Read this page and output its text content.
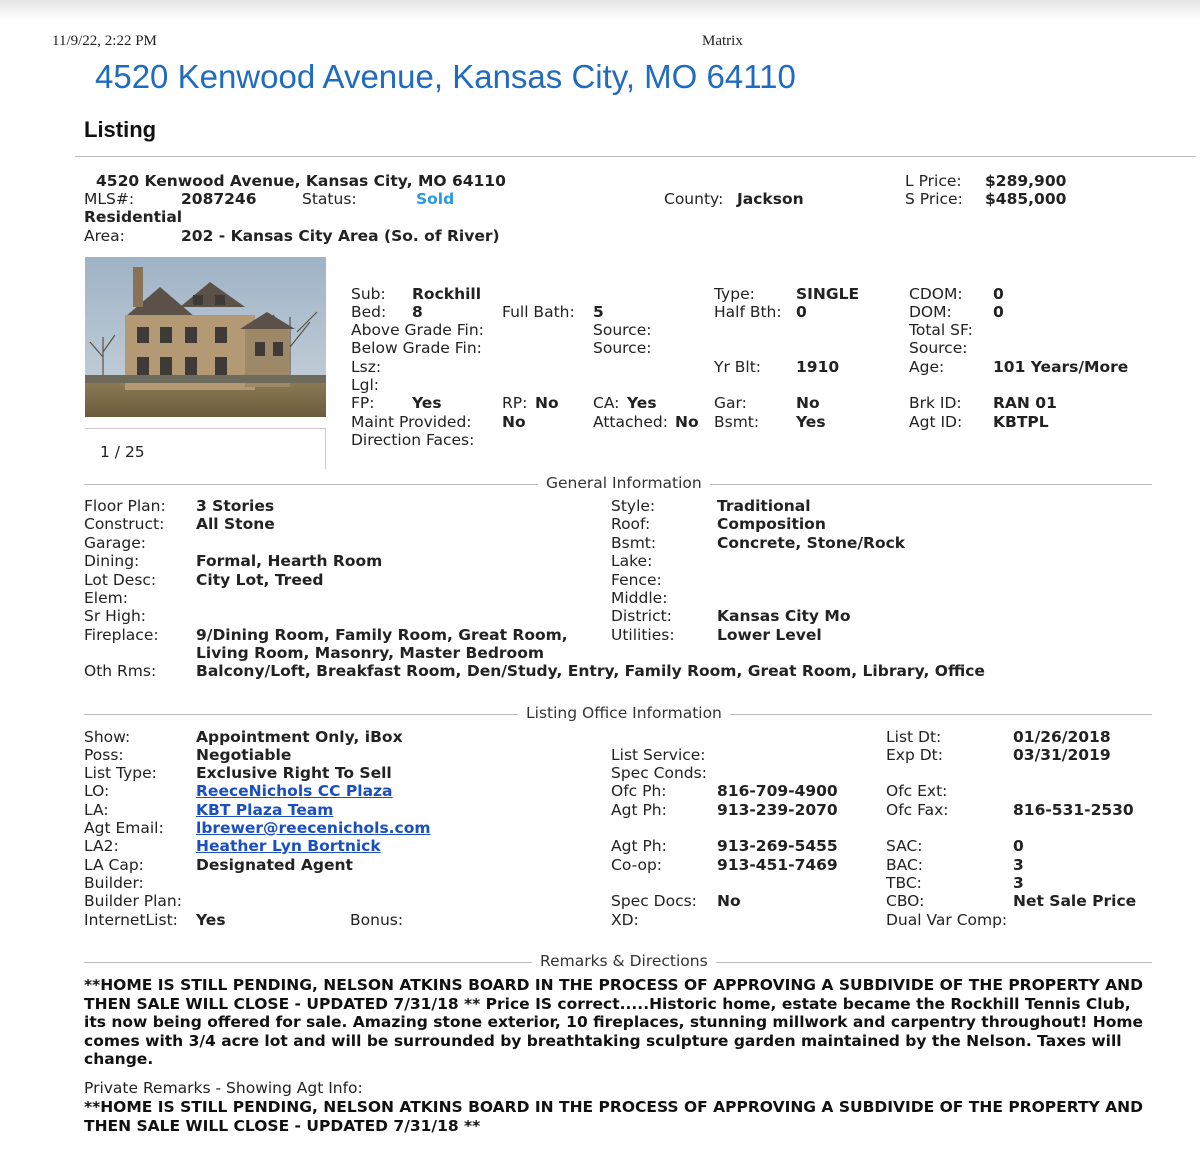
11/9/22, 2:22 PM	Matrix
4520 Kenwood Avenue, Kansas City, MO 64110
Listing
4520 Kenwood Avenue, Kansas City, MO 64110
MLS#:	2087246	Status:	Sold	County: Jackson
L Price: $289,900
S Price: $485,000
Residential
Area:	202 - Kansas City Area (So. of River)
1 / 25
Sub: Rockhill
Bed: 8	Full Bath: 5
Above Grade Fin:	Source:
Below Grade Fin:	Source:
Lsz:
Lgl:
FP: Yes	RP: No CA: Yes
Maint Provided: No	Attached: No
Direction Faces:
Type:	SINGLE
Half Bth: 0
Yr Blt: 1910
Gar:	No
Bsmt: Yes
CDOM: 0
DOM:	0
Total SF:
Source:
Age:	101 Years/More
Brk ID: RAN 01
Agt ID: KBTPL
General Information
Floor Plan: 3 Stories
Construct: All Stone
Garage:
Dining:	Formal, Hearth Room
Lot Desc:	City Lot, Treed
Elem:
Sr High:
Fireplace: 9/Dining Room, Family Room, Great Room,
Living Room, Masonry, Master Bedroom
Oth Rms:	Balcony/Loft, Breakfast Room, Den/Study, Entry, Family Room, Great Room, Library, Office
Style:	Traditional
Roof:	Composition
Bsmt:	Concrete, Stone/Rock
Lake:
Fence:
Middle:
District:	Kansas City Mo
Utilities:	Lower Level
Listing Office Information
Show:	Appointment Only, iBox
Poss:	Negotiable
List Type:	Exclusive Right To Sell
LO:	ReeceNichols CC Plaza
LA:	KBT Plaza Team
Agt Email: lbrewer@reecenichols.com
LA2:	Heather Lyn Bortnick
LA Cap:	Designated Agent
Builder:
Builder Plan:
InternetList: Yes	Bonus:
List Service:
Spec Conds:
Ofc Ph:	816-709-4900
Agt Ph:	913-239-2070
Agt Ph:	913-269-5455
Co-op:	913-451-7469
Spec Docs: No
XD:
List Dt:	01/26/2018
Exp Dt:	03/31/2019
Ofc Ext:
Ofc Fax:	816-531-2530
SAC:	0
BAC:	3
TBC:	3
CBO:	Net Sale Price
Dual Var Comp:
Remarks & Directions
**HOME IS STILL PENDING, NELSON ATKINS BOARD IN THE PROCESS OF APPROVING A SUBDIVIDE OF THE PROPERTY AND THEN SALE WILL CLOSE - UPDATED 7/31/18 ** Price IS correct.....Historic home, estate became the Rockhill Tennis Club, its now being offered for sale. Amazing stone exterior, 10 fireplaces, stunning millwork and carpentry throughout! Home comes with 3/4 acre lot and will be surrounded by breathtaking sculpture garden maintained by the Nelson. Taxes will change.
Private Remarks - Showing Agt Info:
**HOME IS STILL PENDING, NELSON ATKINS BOARD IN THE PROCESS OF APPROVING A SUBDIVIDE OF THE PROPERTY AND THEN SALE WILL CLOSE - UPDATED 7/31/18 **
